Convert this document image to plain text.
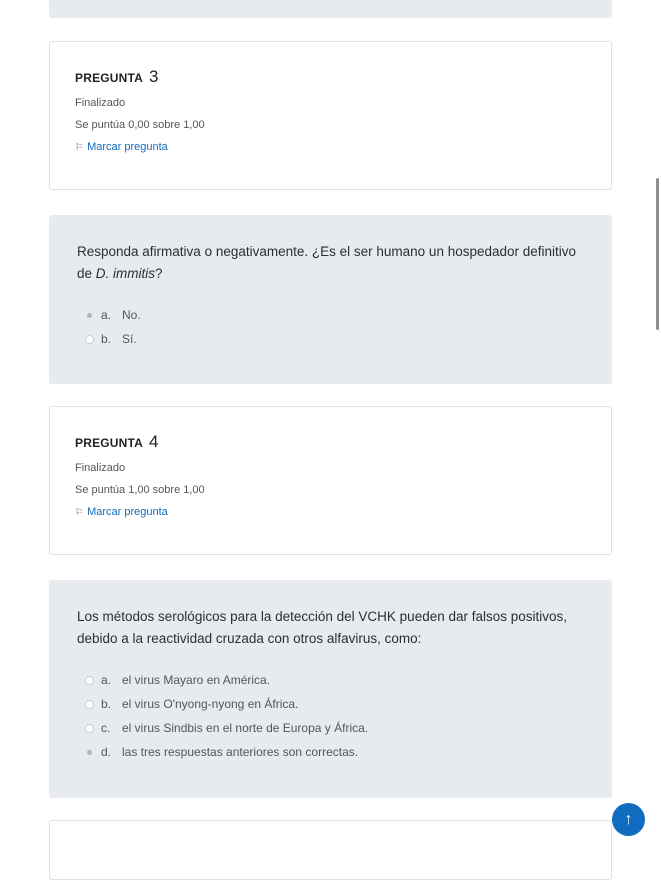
PREGUNTA 3
Finalizado
Se puntúa 0,00 sobre 1,00
⚐ Marcar pregunta

Responda afirmativa o negativamente. ¿Es el ser humano un hospedador definitivo de D. immitis?

a. No.
b. Sí.
PREGUNTA 4
Finalizado
Se puntúa 1,00 sobre 1,00
⚐ Marcar pregunta

Los métodos serológicos para la detección del VCHK pueden dar falsos positivos, debido a la reactividad cruzada con otros alfavirus, como:

a. el virus Mayaro en América.
b. el virus O'nyong-nyong en África.
c. el virus Sindbis en el norte de Europa y África.
d. las tres respuestas anteriores son correctas.
↑
